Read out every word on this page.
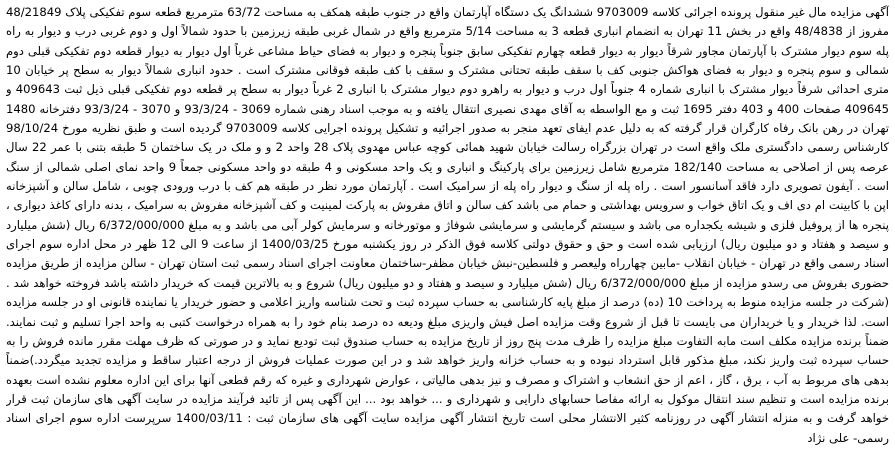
آگهی مزایده مال غیر منقول پرونده اجرائی کلاسه 9703009 ششدانگ یک دستگاه آپارتمان واقع در جنوب طبقه همکف به مساحت 63/72 مترمربع قطعه سوم تفکیکی پلاک 48/21849 مفروز از 48/4838 واقع در بخش 11 تهران به انضمام انباری قطعه 3 به مساحت 5/14 مترمربع واقع در شمال غربی طبقه زیرزمین با حدود شمالاً اول و دوم غربی درب و دیوار به راه پله سوم دیوار مشترک با آپارتمان مجاور شرقاً دیوار به دیوار قطعه چهارم تفکیکی سابق جنوباً پنجره و دیوار به فضای حیاط مشاعی غرباً اول دیوار به دیوار قطعه دوم تفکیکی قبلی دوم شمالی و سوم پنجره و دیوار به فضای هواکش جنوبی کف با سقف طبقه تحتانی مشترک و سقف با کف طبقه فوقانی مشترک است . حدود انباری شمالاً دیوار به سطح پر خیابان 10 متری احداثی شرقاً دیوار مشترک با انباری شماره 4 جنوباً اول درب و دیوار به راهرو دوم دیوار مشترک با انباری 2 غرباً دیوار به سطح پر قطعه دوم تفکیکی قبلی ذیل ثبت 409643 و 409645 صفحات 400 و 403 دفتر 1695 ثبت و مع الواسطه به آقای مهدی نصیری انتقال یافته و به موجب اسناد رهنی شماره 3069 - 93/3/24 و 3070 - 93/3/24 دفترخانه 1480 تهران در رهن بانک رفاه کارگران قرار گرفته که به دلیل عدم ایفای تعهد منجر به صدور اجرائیه و تشکیل پرونده اجرایی کلاسه 9703009 گردیده است و طبق نظریه مورخ 98/10/24 کارشناس رسمی دادگستری ملک واقع است در تهران بزرگراه رسالت خیابان شهید همائی کوچه عباس مهدوی پلاک 28 واحد 2 و و ملک در یک ساختمان 5 طبقه بتنی با عمر 22 سال عرصه پس از اصلاحی به مساحت 182/140 مترمربع شامل زیرزمین برای پارکینگ و انباری و یک واحد مسکونی و 4 طبقه دو واحد مسکونی جمعاً 9 واحد نمای اصلی شمالی از سنگ است . آیفون تصویری دارد فاقد آسانسور است . راه پله از سنگ و دیوار راه پله از سرامیک است . آپارتمان مورد نظر در طبقه هم کف با درب ورودی چوبی ، شامل سالن و آشپزخانه اپن با کابینت ام دی اف و یک اتاق خواب و سرویس بهداشتی و حمام می باشد کف سالن و اتاق مفروش به پارکت لمینیت و کف آشپزخانه مفروش به سرامیک ، بدنه دارای کاغذ دیواری ، پنجره ها از پروفیل فلزی و شیشه یکجداره می باشد و سیستم گرمایشی و سرمایشی شوفاژ و موتورخانه و سرمایش کولر آبی می باشد و به مبلغ 6/372/000/000 ریال (شش میلیارد و سیصد و هفتاد و دو میلیون ریال) ارزیابی شده است و حق و حقوق دولتی کلاسه فوق الذکر در روز یکشنبه مورخ 1400/03/25 از ساعت 9 الی 12 ظهر در محل اداره سوم اجرای اسناد رسمی واقع در تهران - خیابان انقلاب -مابین چهارراه ولیعصر و فلسطین-نبش خیابان مظفر-ساختمان معاونت اجرای اسناد رسمی ثبت استان تهران - سالن مزایده از طریق مزایده حضوری بفروش می رسدو مزایده از مبلغ 6/372/000/000 ریال (شش میلیارد و سیصد و هفتاد و دو میلیون ریال) شروع و به بالاترین قیمت که خریدار داشته باشد فروخته خواهد شد . (شرکت در جلسه مزایده منوط به پرداخت 10 (ده) درصد از مبلغ پایه کارشناسی به حساب سپرده ثبت و تحت شناسه واریز اعلامی و حضور خریدار یا نماینده قانونی او در جلسه مزایده است. لذا خریدار و یا خریداران می بایست تا قبل از شروع وقت مزایده اصل فیش واریزی مبلغ ودیعه ده درصد بنام خود را به همراه درخواست کتبی به واحد اجرا تسلیم و ثبت نمایند. ضمناً برنده مزایده مکلف است مابه التفاوت مبلغ مزایده را ظرف مدت پنج روز از تاریخ مزایده به حساب صندوق ثبت تودیع نماید و در صورتی که ظرف مهلت مقرر مانده فروش را به حساب سپرده ثبت واریز نکند، مبلغ مذکور قابل استرداد نبوده و به حساب خزانه واریز خواهد شد و در این صورت عملیات فروش از درجه اعتبار ساقط و مزایده تجدید میگردد.)ضمناً بدهی های مربوط به آب ، برق ، گاز ، اعم از حق انشعاب و اشتراک و مصرف و نیز بدهی مالیاتی ، عوارض شهرداری و غیره که رقم قطعی آنها برای این اداره معلوم نشده است بعهده برنده مزایده است و تنظیم سند انتقال موکول به ارائه مفاصا حسابهای دارایی و شهرداری و ... خواهد بود ... این آگهی پس از تائید فرآیند مزایده در سایت آگهی های سازمان ثبت قرار خواهد گرفت و به منزله انتشار آگهی در روزنامه کثیر الانتشار محلی است تاریخ انتشار آگهی مزایده سایت آگهی های سازمان ثبت : 1400/03/11 سرپرست اداره سوم اجرای اسناد رسمی- علی نژاد
